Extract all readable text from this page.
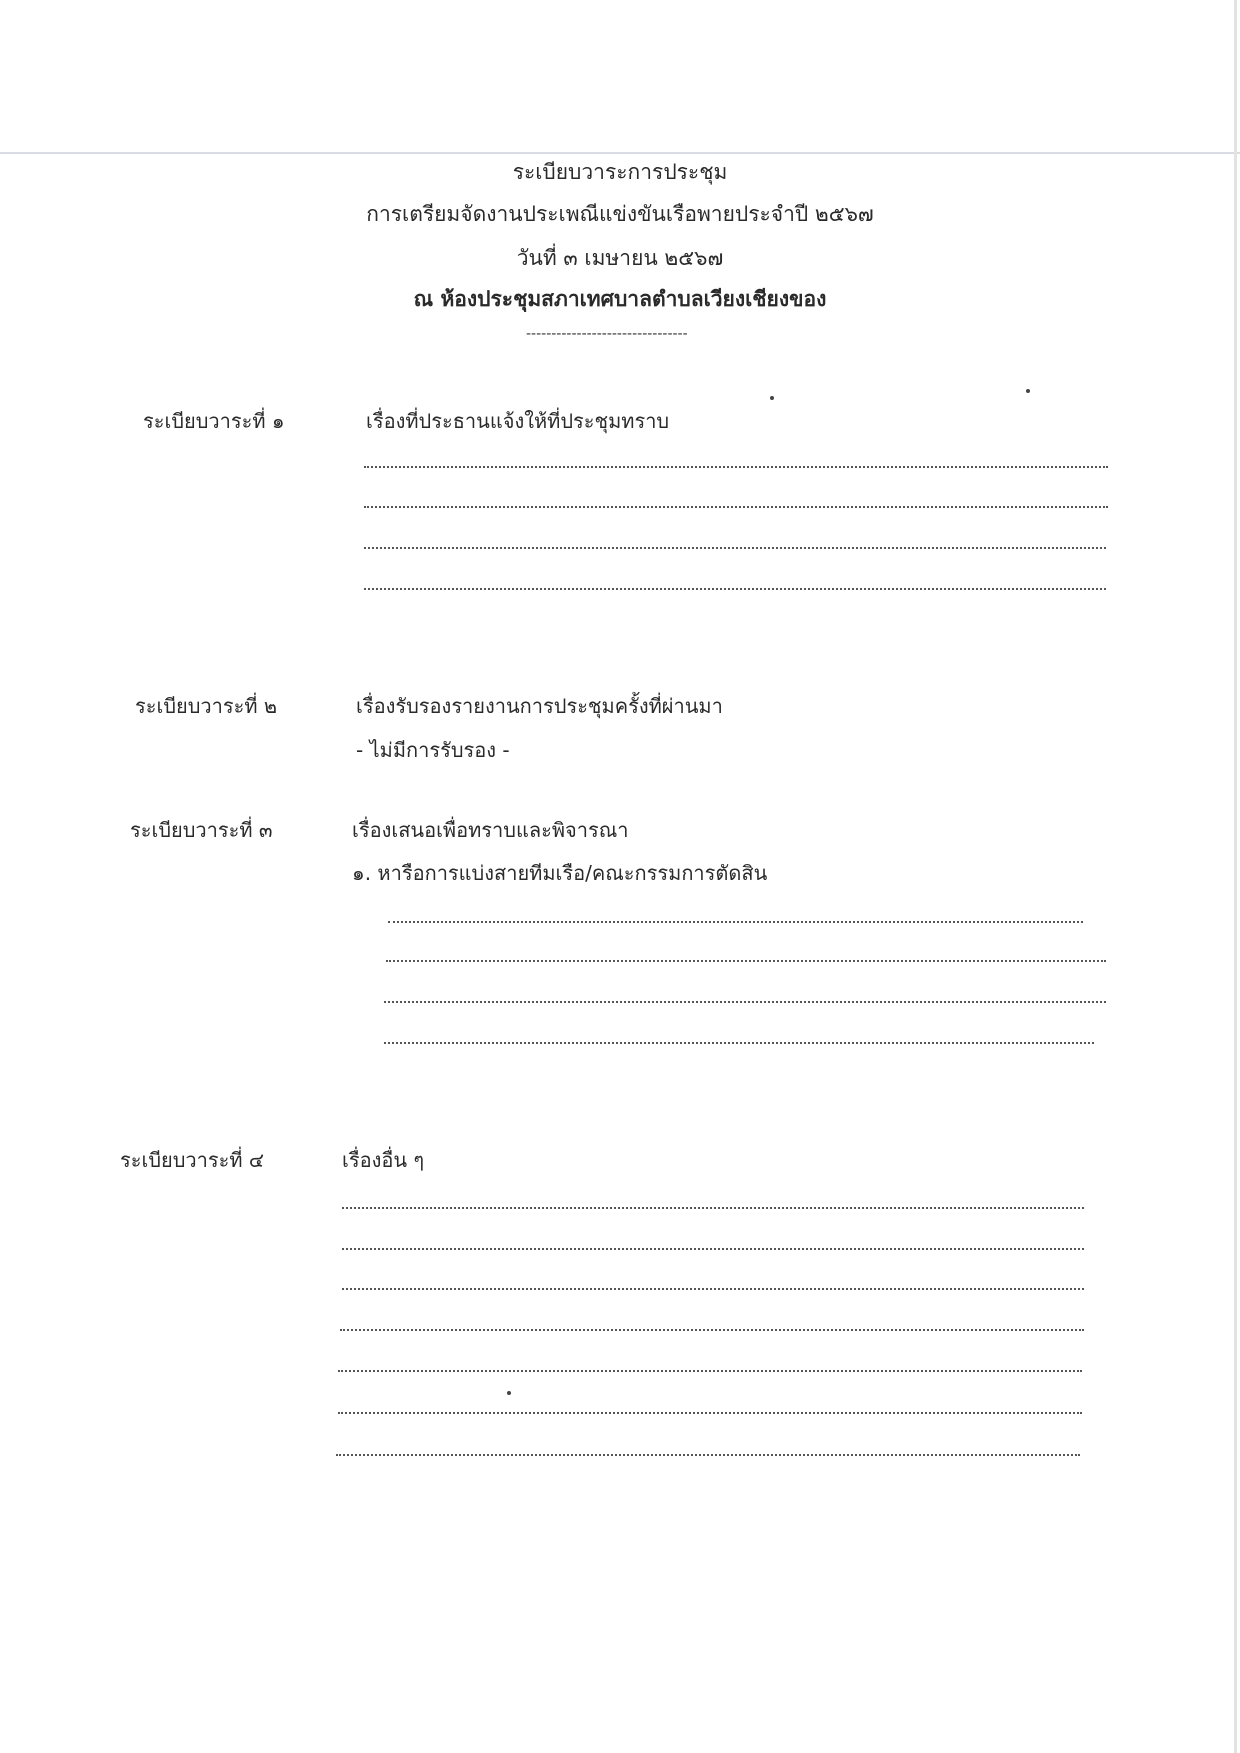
ระเบียบวาระการประชุม
การเตรียมจัดงานประเพณีแข่งขันเรือพายประจำปี ๒๕๖๗
วันที่ ๓ เมษายน ๒๕๖๗
ณ ห้องประชุมสภาเทศบาลตำบลเวียงเชียงของ
--------------------------------
ระเบียบวาระที่ ๑	เรื่องที่ประธานแจ้งให้ที่ประชุมทราบ
ระเบียบวาระที่ ๒	เรื่องรับรองรายงานการประชุมครั้งที่ผ่านมา
- ไม่มีการรับรอง -
ระเบียบวาระที่ ๓	เรื่องเสนอเพื่อทราบและพิจารณา
๑. หารือการแบ่งสายทีมเรือ/คณะกรรมการตัดสิน
ระเบียบวาระที่ ๔	เรื่องอื่น ๆ
